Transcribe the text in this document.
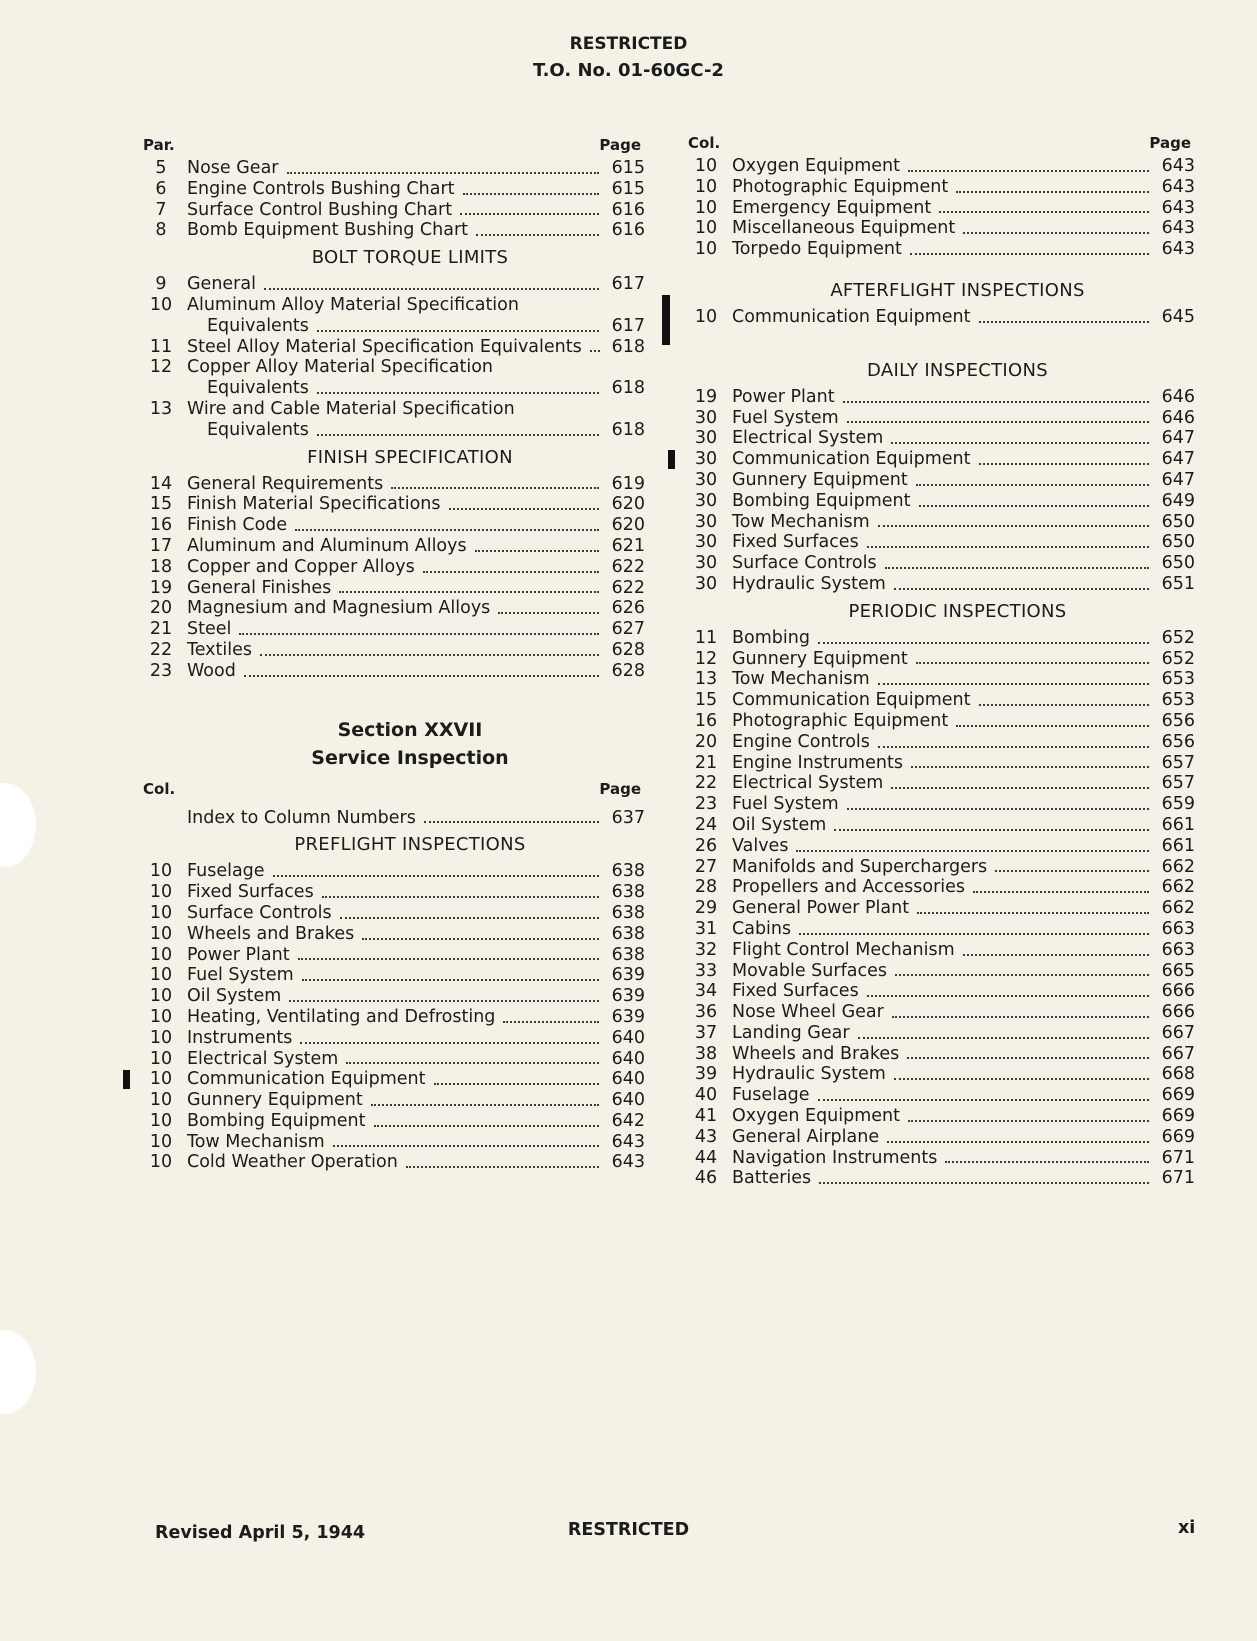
RESTRICTED
T.O. No. 01-60GC-2
Par.	Page
5	Nose Gear	615
6	Engine Controls Bushing Chart	615
7	Surface Control Bushing Chart	616
8	Bomb Equipment Bushing Chart	616
BOLT TORQUE LIMITS
9	General	617
10 Aluminum Alloy Material Specification
Equivalents	617
11 Steel Alloy Material Specification Equivalents 618
12 Copper Alloy Material Specification
Equivalents	618
13 Wire and Cable Material Specification
Equivalents	618
FINISH SPECIFICATION
14 General Requirements	619
15 Finish Material Specifications	620
16 Finish Code	620
17 Aluminum and Aluminum Alloys	621
18 Copper and Copper Alloys	622
19 General Finishes	622
20 Magnesium and Magnesium Alloys	626
21 Steel	627
22 Textiles	628
23 Wood	628
Section XXVII
Service Inspection
Col.	Page
Index to Column Numbers	637
PREFLIGHT INSPECTIONS
10 Fuselage	638
10 Fixed Surfaces	638
10 Surface Controls	638
10 Wheels and Brakes	638
10 Power Plant	638
10 Fuel System	639
10 Oil System	639
10 Heating, Ventilating and Defrosting	639
10 Instruments	640
10 Electrical System	640
10 Communication Equipment	640
10 Gunnery Equipment	640
10 Bombing Equipment	642
10 Tow Mechanism	643
10 Cold Weather Operation	643
Col.	Page
10 Oxygen Equipment	643
10 Photographic Equipment	643
10 Emergency Equipment	643
10 Miscellaneous Equipment	643
10 Torpedo Equipment	643
AFTERFLIGHT INSPECTIONS
10 Communication Equipment	645
DAILY INSPECTIONS
19 Power Plant	646
30 Fuel System	646
30 Electrical System	647
30 Communication Equipment	647
30 Gunnery Equipment	647
30 Bombing Equipment	649
30 Tow Mechanism	650
30 Fixed Surfaces	650
30 Surface Controls	650
30 Hydraulic System	651
PERIODIC INSPECTIONS
11 Bombing	652
12 Gunnery Equipment	652
13 Tow Mechanism	653
15 Communication Equipment	653
16 Photographic Equipment	656
20 Engine Controls	656
21 Engine Instruments	657
22 Electrical System	657
23 Fuel System	659
24 Oil System	661
26 Valves	661
27 Manifolds and Superchargers	662
28 Propellers and Accessories	662
29 General Power Plant	662
31 Cabins	663
32 Flight Control Mechanism	663
33 Movable Surfaces	665
34 Fixed Surfaces	666
36 Nose Wheel Gear	666
37 Landing Gear	667
38 Wheels and Brakes	667
39 Hydraulic System	668
40 Fuselage	669
41 Oxygen Equipment	669
43 General Airplane	669
44 Navigation Instruments	671
46 Batteries	671
Revised April 5, 1944	RESTRICTED	xi
